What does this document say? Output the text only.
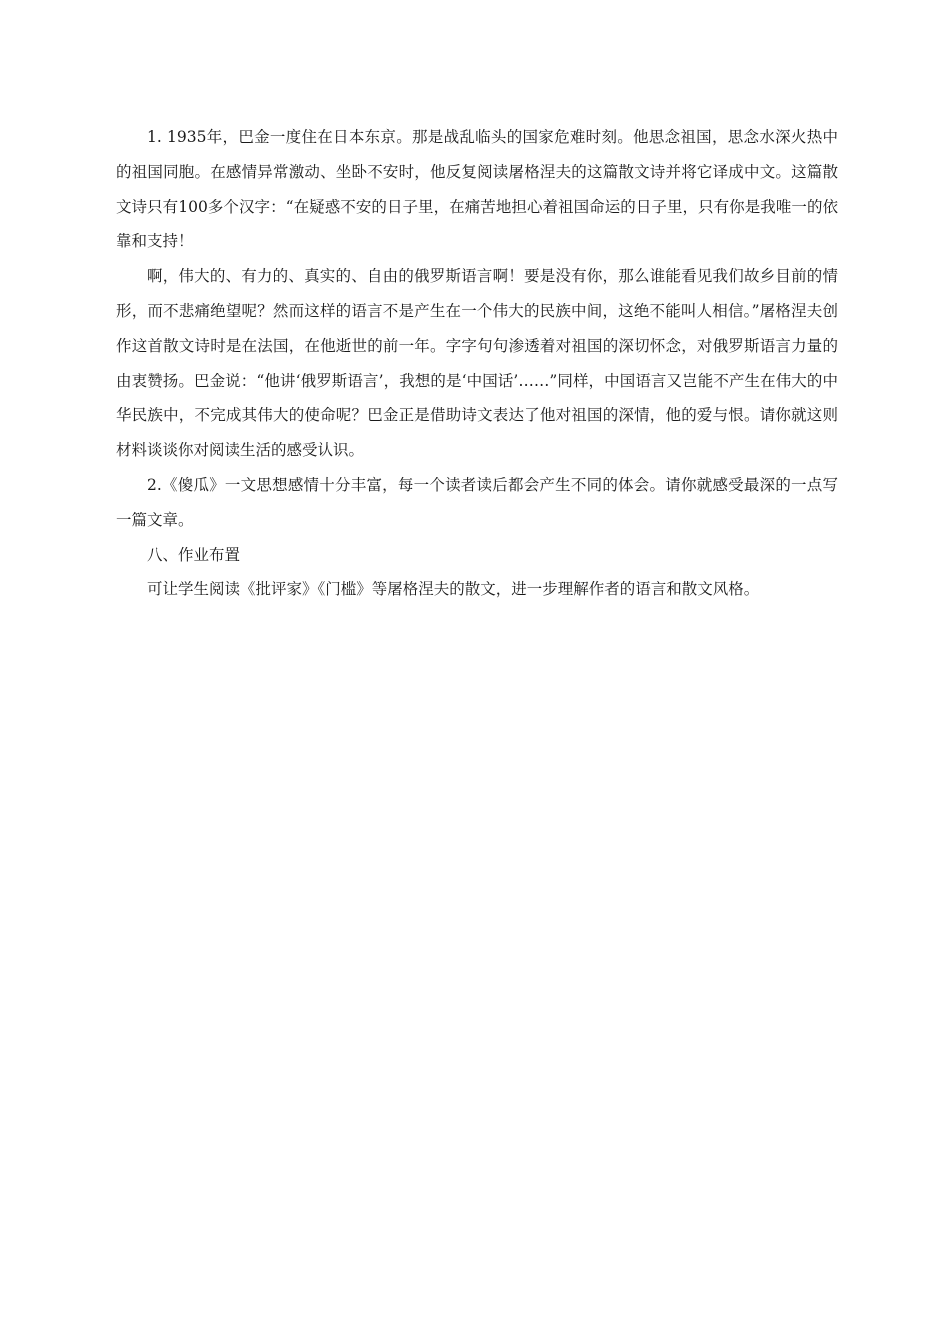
1. 1935年，巴金一度住在日本东京。那是战乱临头的国家危难时刻。他思念祖国，思念水深火热中的祖国同胞。在感情异常激动、坐卧不安时，他反复阅读屠格涅夫的这篇散文诗并将它译成中文。这篇散文诗只有100多个汉字：“在疑惑不安的日子里，在痛苦地担心着祖国命运的日子里，只有你是我唯一的依靠和支持！

啊，伟大的、有力的、真实的、自由的俄罗斯语言啊！要是没有你，那么谁能看见我们故乡目前的情形，而不悲痛绝望呢？然而这样的语言不是产生在一个伟大的民族中间，这绝不能叫人相信。”屠格涅夫创作这首散文诗时是在法国，在他逝世的前一年。字字句句渗透着对祖国的深切怀念，对俄罗斯语言力量的由衷赞扬。巴金说：“他讲‘俄罗斯语言’，我想的是‘中国话’……”同样，中国语言又岂能不产生在伟大的中华民族中，不完成其伟大的使命呢？巴金正是借助诗文表达了他对祖国的深情，他的爱与恨。请你就这则材料谈谈你对阅读生活的感受认识。

2.《傻瓜》一文思想感情十分丰富，每一个读者读后都会产生不同的体会。请你就感受最深的一点写一篇文章。

八、作业布置

可让学生阅读《批评家》《门槛》等屠格涅夫的散文，进一步理解作者的语言和散文风格。
